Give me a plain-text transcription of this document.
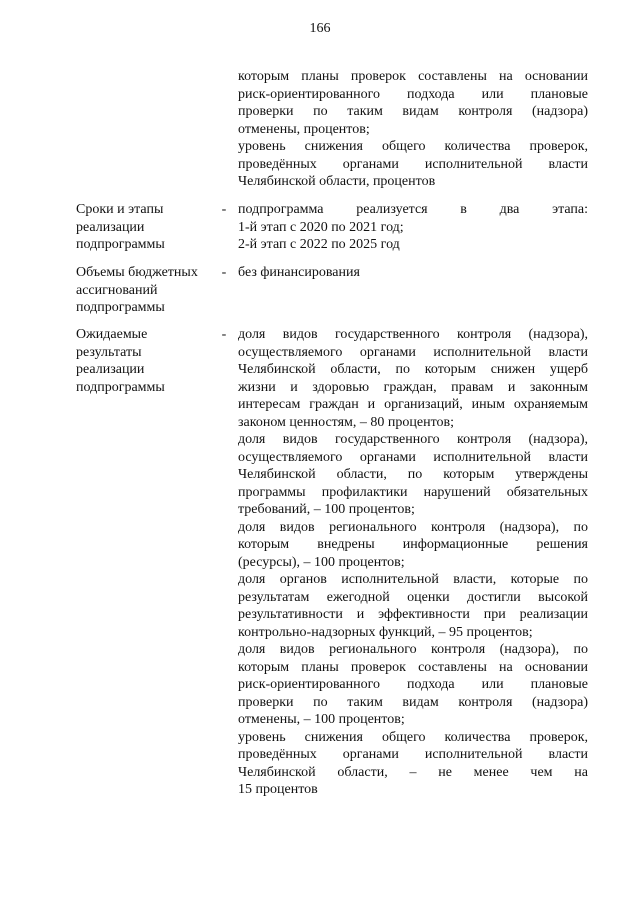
166
которым планы проверок составлены на основании
риск-ориентированного подхода или плановые
проверки по таким видам контроля (надзора)
отменены, процентов;
уровень снижения общего количества проверок,
проведённых органами исполнительной власти
Челябинской области, процентов
Сроки и этапы
реализации
подпрограммы
- подпрограмма реализуется в два этапа:
1-й этап с 2020 по 2021 год;
2-й этап с 2022 по 2025 год
Объемы бюджетных
ассигнований
подпрограммы
- без финансирования
Ожидаемые
результаты
реализации
подпрограммы
- доля видов государственного контроля (надзора),
осуществляемого органами исполнительной власти
Челябинской области, по которым снижен ущерб
жизни и здоровью граждан, правам и законным
интересам граждан и организаций, иным охраняемым
законом ценностям, – 80 процентов;
доля видов государственного контроля (надзора),
осуществляемого органами исполнительной власти
Челябинской области, по которым утверждены
программы профилактики нарушений обязательных
требований, – 100 процентов;
доля видов регионального контроля (надзора), по
которым внедрены информационные решения
(ресурсы), – 100 процентов;
доля органов исполнительной власти, которые по
результатам ежегодной оценки достигли высокой
результативности и эффективности при реализации
контрольно-надзорных функций, – 95 процентов;
доля видов регионального контроля (надзора), по
которым планы проверок составлены на основании
риск-ориентированного подхода или плановые
проверки по таким видам контроля (надзора)
отменены, – 100 процентов;
уровень снижения общего количества проверок,
проведённых органами исполнительной власти
Челябинской области, – не менее чем на
15 процентов
